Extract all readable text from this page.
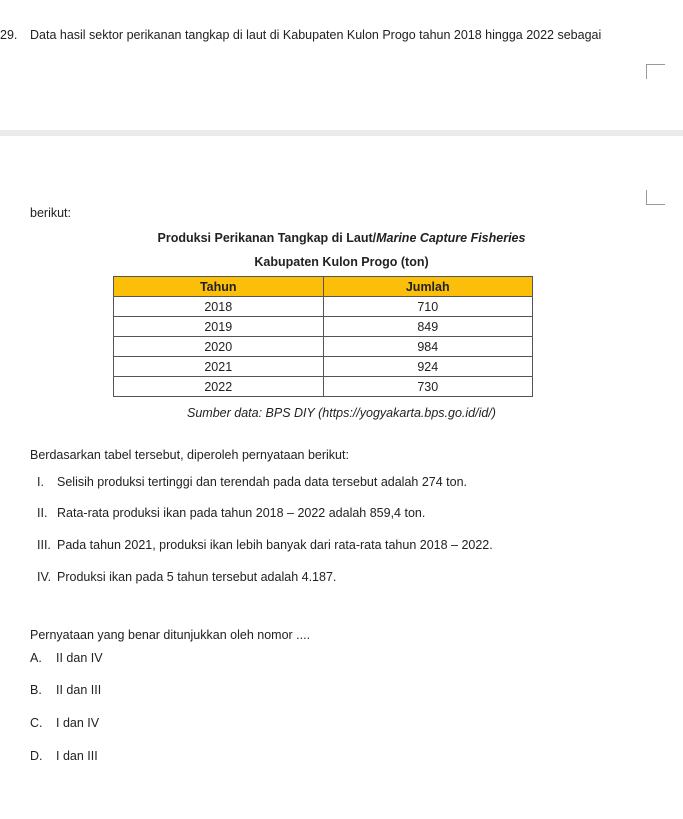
29. Data hasil sektor perikanan tangkap di laut di Kabupaten Kulon Progo tahun 2018 hingga 2022 sebagai
berikut:
Produksi Perikanan Tangkap di Laut/Marine Capture Fisheries
Kabupaten Kulon Progo (ton)
Tahun	Jumlah
2018	710
2019	849
2020	984
2021	924
2022	730
Sumber data: BPS DIY (https://yogyakarta.bps.go.id/id/)
Berdasarkan tabel tersebut, diperoleh pernyataan berikut:
I. Selisih produksi tertinggi dan terendah pada data tersebut adalah 274 ton.
II. Rata-rata produksi ikan pada tahun 2018 – 2022 adalah 859,4 ton.
III. Pada tahun 2021, produksi ikan lebih banyak dari rata-rata tahun 2018 – 2022.
IV. Produksi ikan pada 5 tahun tersebut adalah 4.187.
Pernyataan yang benar ditunjukkan oleh nomor ....
A. II dan IV
B. II dan III
C. I dan IV
D. I dan III
